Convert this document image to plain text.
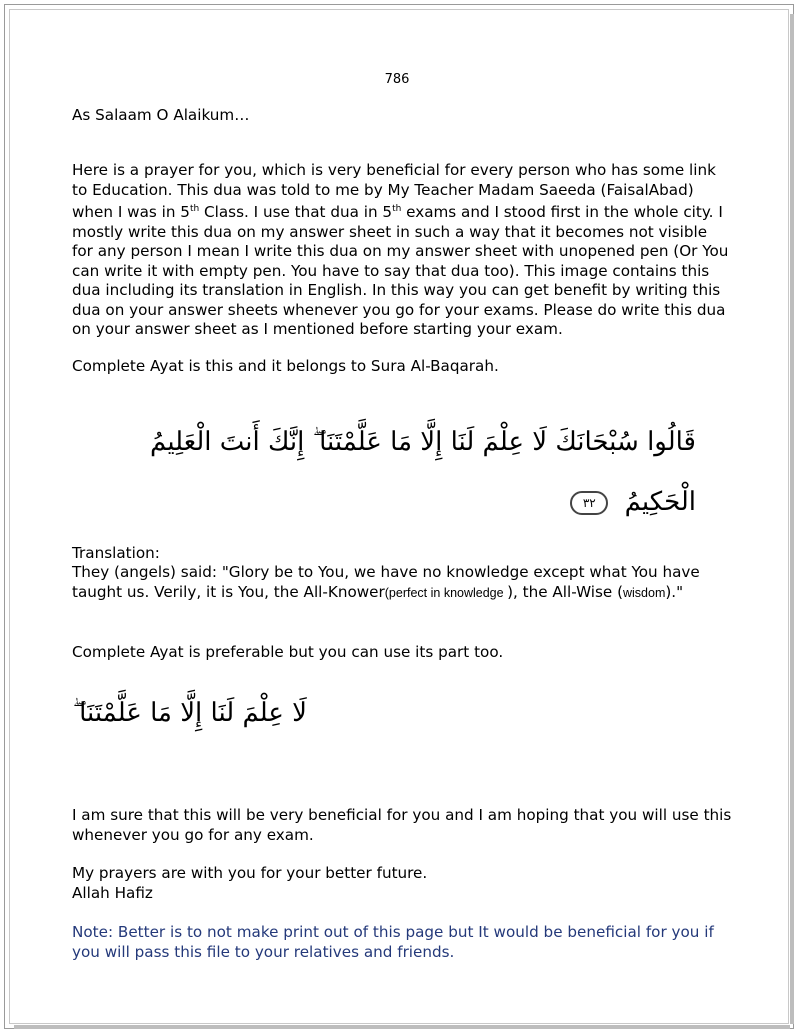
786

As Salaam O Alaikum…

Here is a prayer for you, which is very beneficial for every person who has some link to Education. This dua was told to me by My Teacher Madam Saeeda (FaisalAbad) when I was in 5th Class. I use that dua in 5th exams and I stood first in the whole city. I mostly write this dua on my answer sheet in such a way that it becomes not visible for any person I mean I write this dua on my answer sheet with unopened pen (Or You can write it with empty pen. You have to say that dua too). This image contains this dua including its translation in English. In this way you can get benefit by writing this dua on your answer sheets whenever you go for your exams. Please do write this dua on your answer sheet as I mentioned before starting your exam.

Complete Ayat is this and it belongs to Sura Al-Baqarah.

قَالُوا سُبْحَانَكَ لَا عِلْمَ لَنَا إِلَّا مَا عَلَّمْتَنَا ۖ إِنَّكَ أَنتَ الْعَلِيمُ
الْحَكِيمُ ٣٢

Translation:

They (angels) said: "Glory be to You, we have no knowledge except what You have taught us. Verily, it is You, the All-Knower(perfect in knowledge ), the All-Wise (wisdom)."

Complete Ayat is preferable but you can use its part too.

لَا عِلْمَ لَنَا إِلَّا مَا عَلَّمْتَنَا ۖ

I am sure that this will be very beneficial for you and I am hoping that you will use this whenever you go for any exam.

My prayers are with you for your better future.
Allah Hafiz

Note: Better is to not make print out of this page but It would be beneficial for you if you will pass this file to your relatives and friends.
